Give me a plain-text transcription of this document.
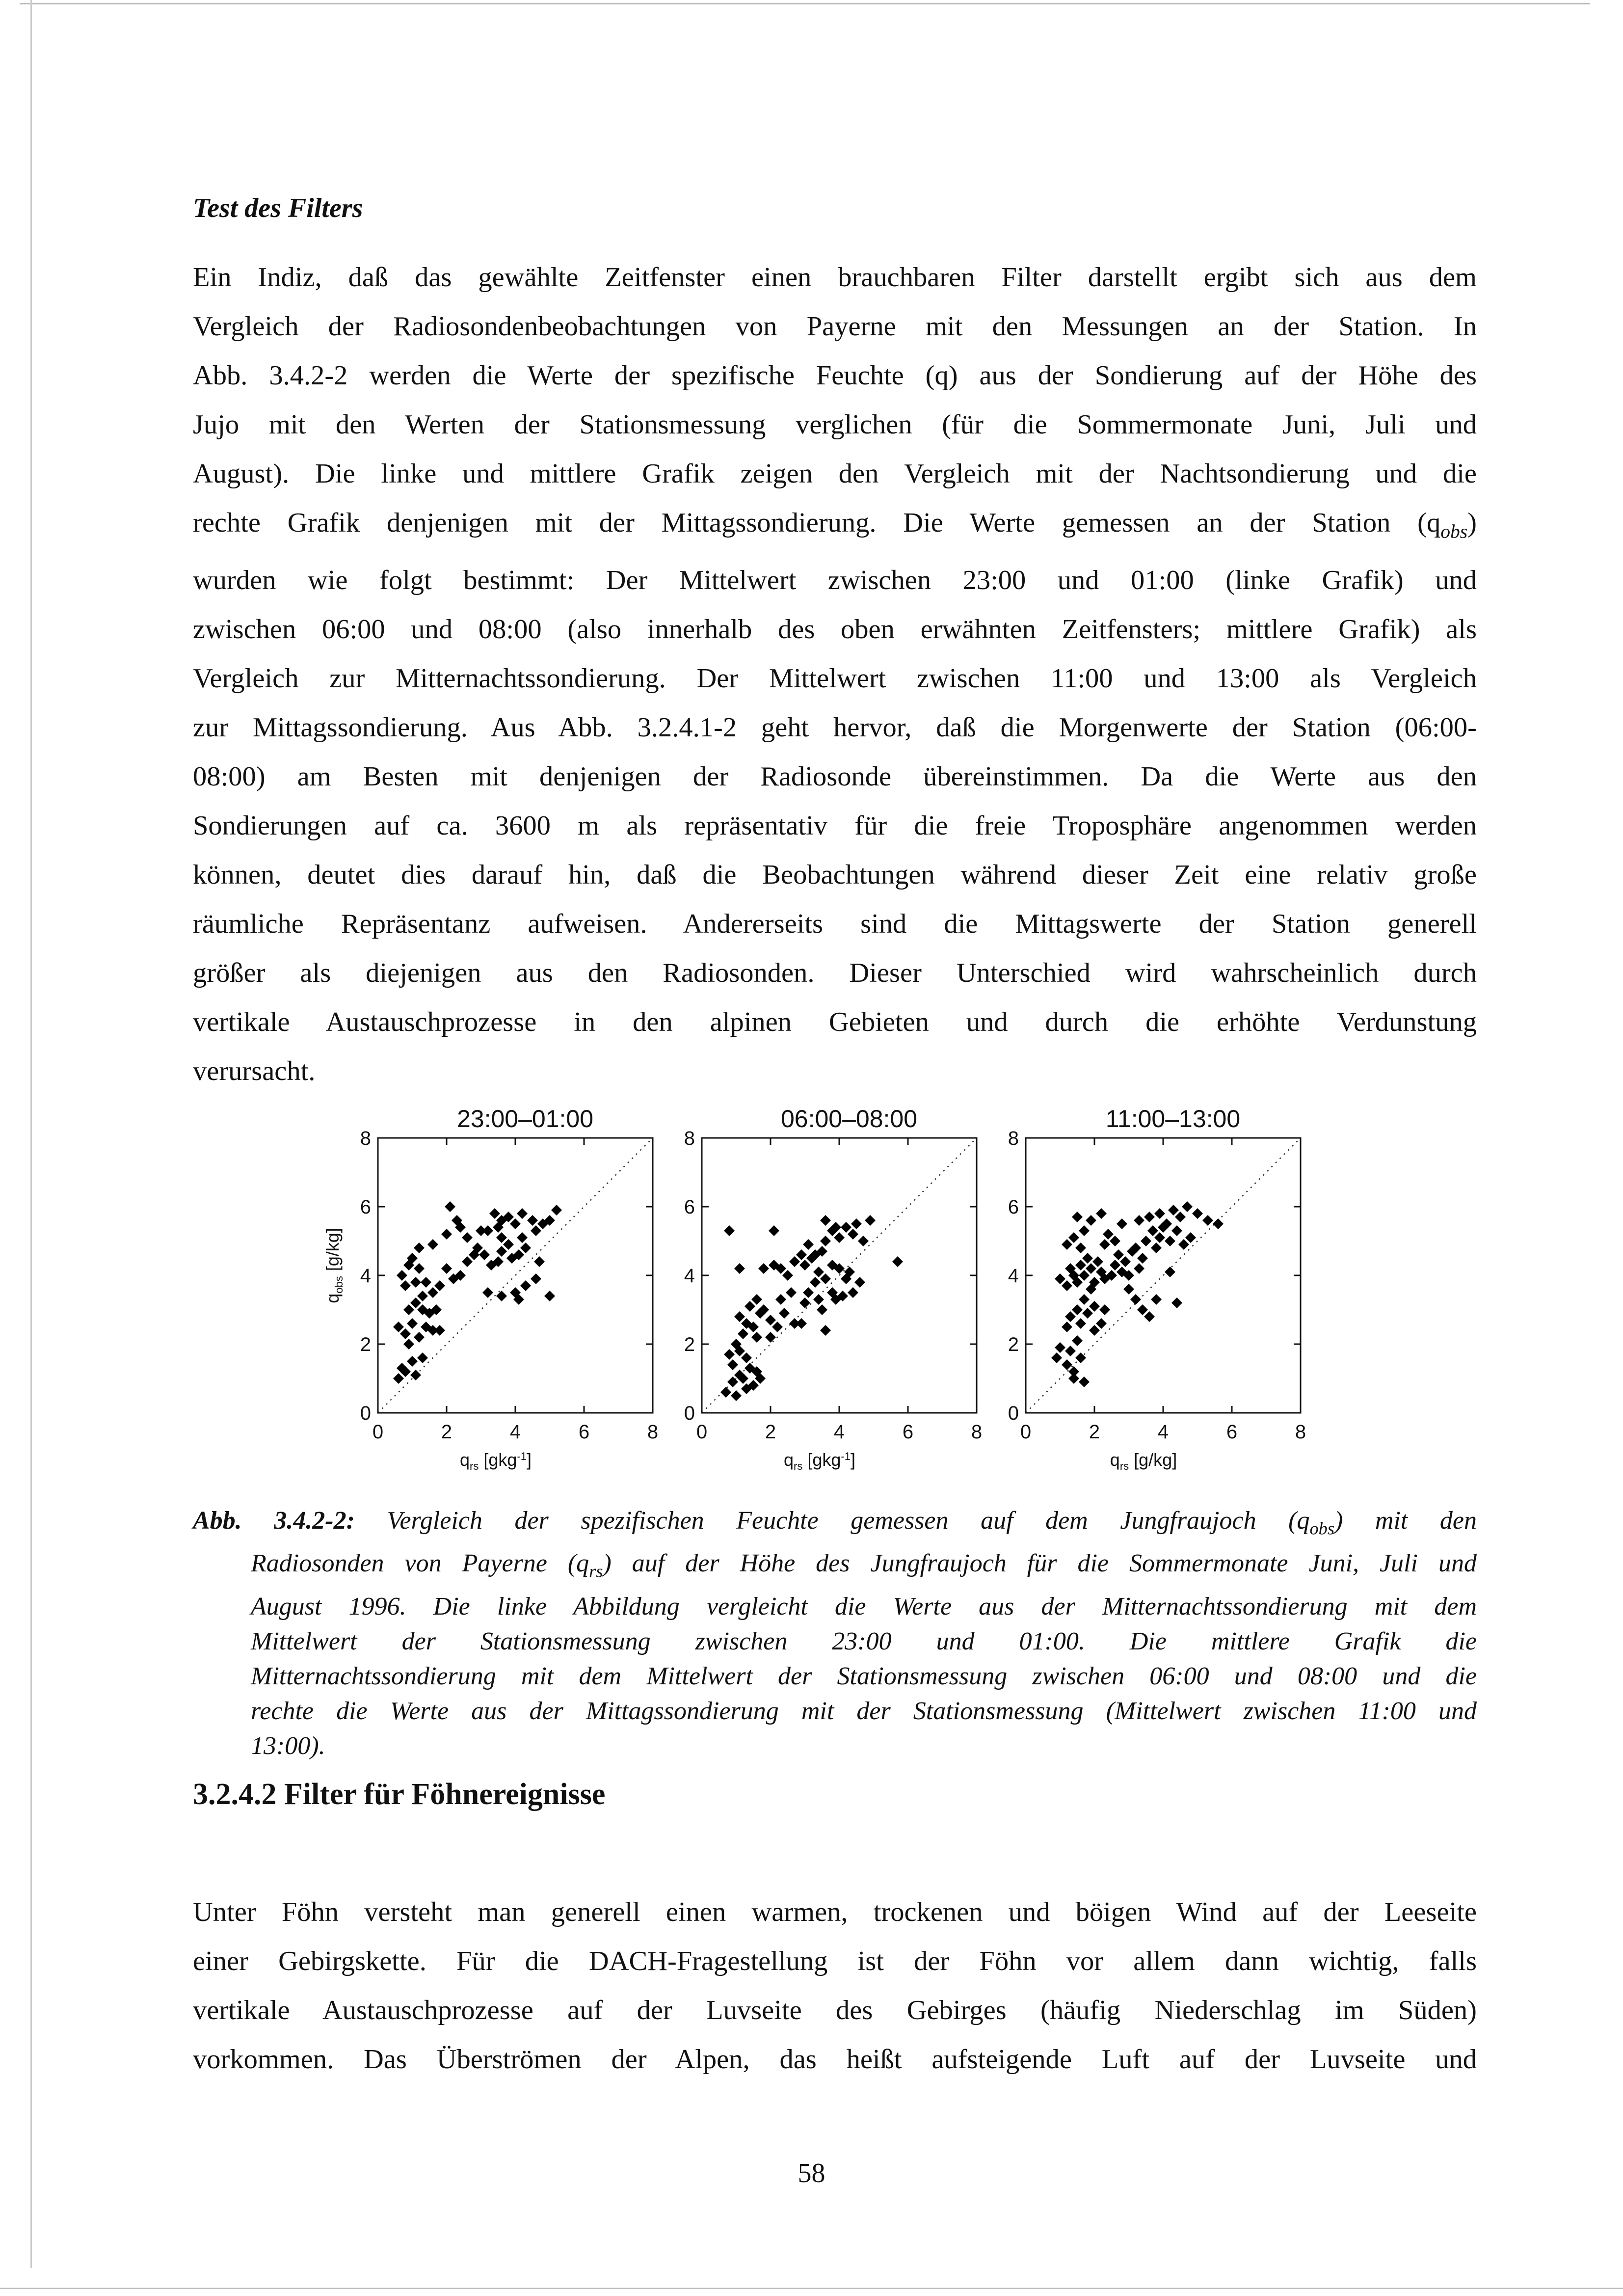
Test des Filters
Ein Indiz, daß das gewählte Zeitfenster einen brauchbaren Filter darstellt ergibt sich aus dem
Vergleich der Radiosondenbeobachtungen von Payerne mit den Messungen an der Station. In
Abb. 3.4.2-2 werden die Werte der spezifische Feuchte (q) aus der Sondierung auf der Höhe des
Jujo mit den Werten der Stationsmessung verglichen (für die Sommermonate Juni, Juli und
August). Die linke und mittlere Grafik zeigen den Vergleich mit der Nachtsondierung und die
rechte Grafik denjenigen mit der Mittagssondierung. Die Werte gemessen an der Station $(q_{obs})$
wurden wie folgt bestimmt: Der Mittelwert zwischen 23:00 und 01:00 (linke Grafik) und
zwischen 06:00 und 08:00 (also innerhalb des oben erwähnten Zeitfensters; mittlere Grafik) als
Vergleich zur Mitternachtssondierung. Der Mittelwert zwischen 11:00 und 13:00 als Vergleich
zur Mittagssondierung. Aus Abb. 3.2.4.1-2 geht hervor, daß die Morgenwerte der Station (06:00-
08:00) am Besten mit denjenigen der Radiosonde übereinstimmen. Da die Werte aus den
Sondierungen auf ca. 3600 m als repräsentativ für die freie Troposphäre angenommen werden
können, deutet dies darauf hin, daß die Beobachtungen während dieser Zeit eine relativ große
räumliche Repräsentanz aufweisen. Andererseits sind die Mittagswerte der Station generell
größer als diejenigen aus den Radiosonden. Dieser Unterschied wird wahrscheinlich durch
vertikale Austauschprozesse in den alpinen Gebieten und durch die erhöhte Verdunstung
verursacht.
0	2	4	6	8
0
2
4
6
8
23:00–01:00
$q_{rs}$ [gkg$^{-1}$]
$q_{obs}$ [g/kg]
0	2	4	6	8
0
2
4
6
8
06:00–08:00
$q_{rs}$ [gkg$^{-1}$]
0	2	4	6	8
0
2
4
6
8
11:00–13:00
$q_{rs}$ [g/kg]
Abb. 3.4.2-2: Vergleich der spezifischen Feuchte gemessen auf dem Jungfraujoch $(q_{obs})$ mit den
Radiosonden von Payerne $(q_{rs})$ auf der Höhe des Jungfraujoch für die Sommermonate Juni, Juli und
August 1996. Die linke Abbildung vergleicht die Werte aus der Mitternachtssondierung mit dem
Mittelwert der Stationsmessung zwischen 23:00 und 01:00. Die mittlere Grafik die
Mitternachtssondierung mit dem Mittelwert der Stationsmessung zwischen 06:00 und 08:00 und die
rechte die Werte aus der Mittagssondierung mit der Stationsmessung (Mittelwert zwischen 11:00 und
13:00).
3.2.4.2 Filter für Föhnereignisse
Unter Föhn versteht man generell einen warmen, trockenen und böigen Wind auf der Leeseite
einer Gebirgskette. Für die DACH-Fragestellung ist der Föhn vor allem dann wichtig, falls
vertikale Austauschprozesse auf der Luvseite des Gebirges (häufig Niederschlag im Süden)
vorkommen. Das Überströmen der Alpen, das heißt aufsteigende Luft auf der Luvseite und
58
